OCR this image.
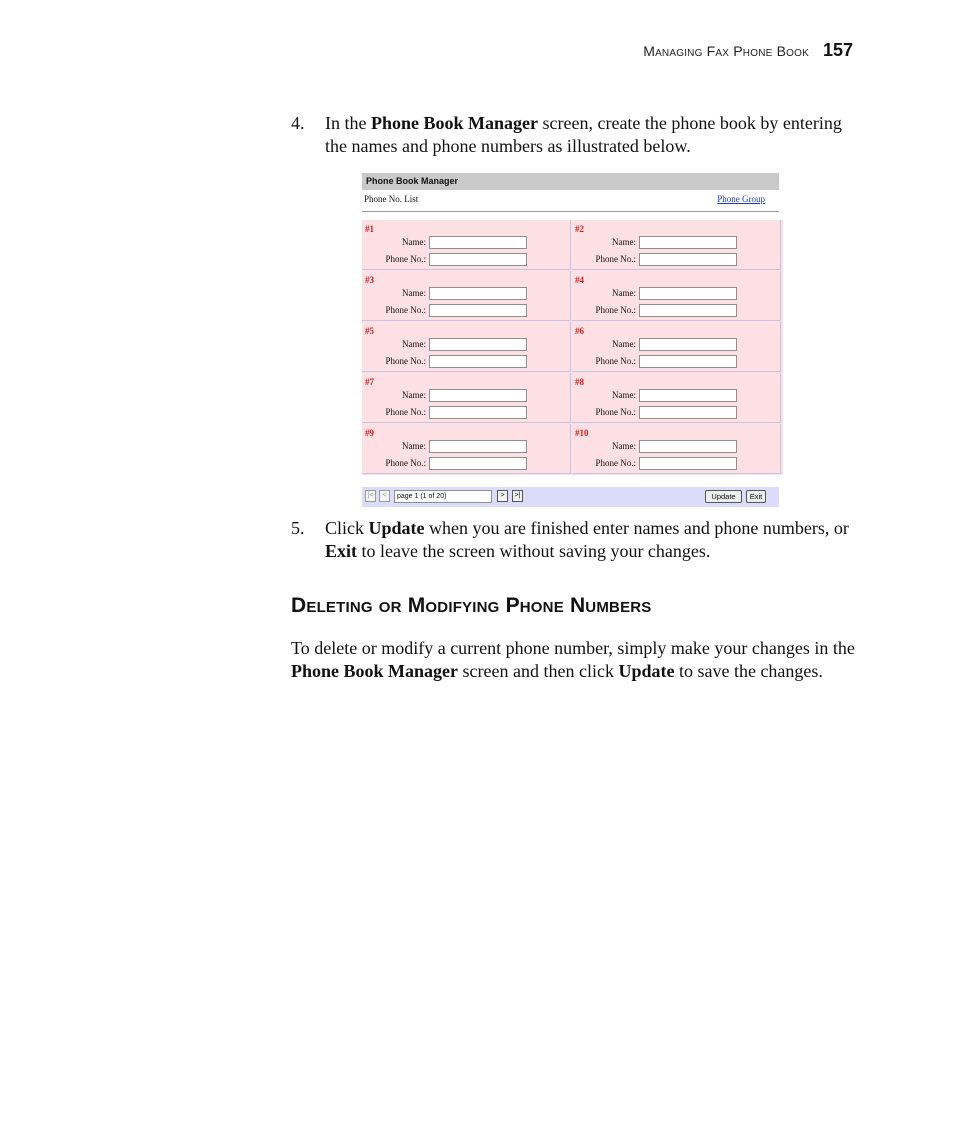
Managing Fax Phone Book 157
4. In the Phone Book Manager screen, create the phone book by entering the names and phone numbers as illustrated below.
Phone Book Manager
Phone No. List	Phone Group
#1
Name:
Phone No.:
#2
Name:
Phone No.:
#3
Name:
Phone No.:
#4
Name:
Phone No.:
#5
Name:
Phone No.:
#6
Name:
Phone No.:
#7
Name:
Phone No.:
#8
Name:
Phone No.:
#9
Name:
Phone No.:
#10
Name:
Phone No.:
|<	<	page 1 (1 of 20)	>	>|	Update	Exit
5. Click Update when you are finished enter names and phone numbers, or Exit to leave the screen without saving your changes.
Deleting or Modifying Phone Numbers
To delete or modify a current phone number, simply make your changes in the Phone Book Manager screen and then click Update to save the changes.
